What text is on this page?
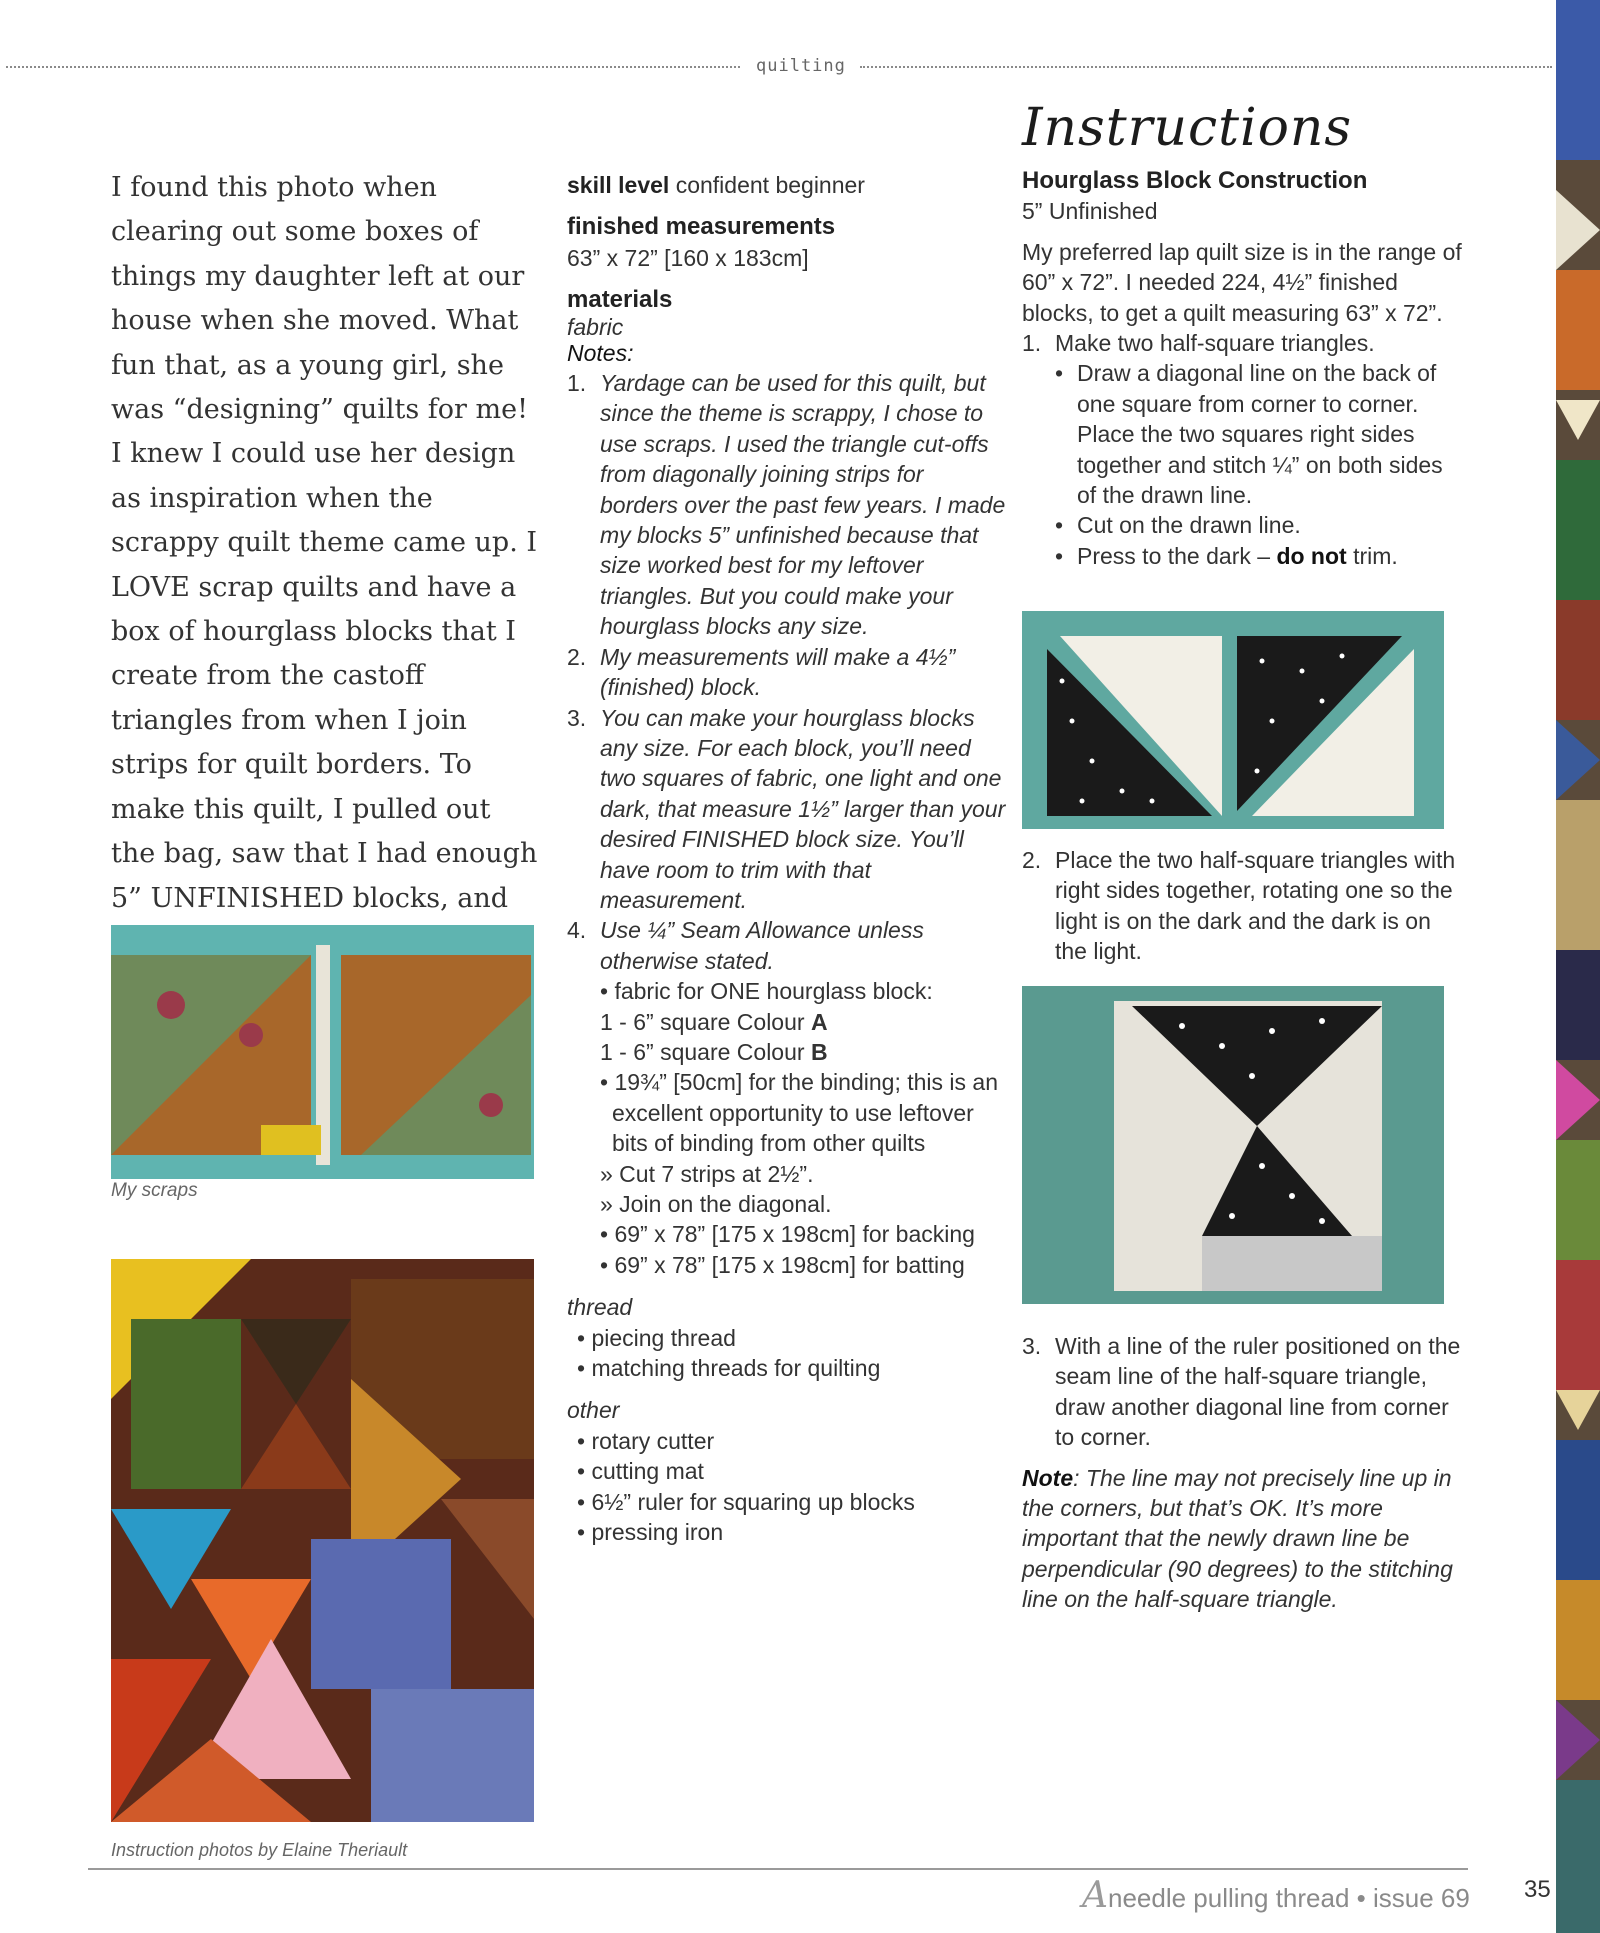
quilting
I found this photo when clearing out some boxes of things my daughter left at our house when she moved. What fun that, as a young girl, she was “designing” quilts for me! I knew I could use her design as inspiration when the scrappy quilt theme came up. I LOVE scrap quilts and have a box of hourglass blocks that I create from the castoff triangles from when I join strips for quilt borders. To make this quilt, I pulled out the bag, saw that I had enough 5” UNFINISHED blocks, and
My scraps
Instruction photos by Elaine Theriault
skill level confident beginner
finished measurements
63” x 72” [160 x 183cm]
materials
fabric
Notes:
1. Yardage can be used for this quilt, but since the theme is scrappy, I chose to use scraps. I used the triangle cut-offs from diagonally joining strips for borders over the past few years. I made my blocks 5” unfinished because that size worked best for my leftover triangles. But you could make your hourglass blocks any size.
2. My measurements will make a 4½” (finished) block.
3. You can make your hourglass blocks any size. For each block, you’ll need two squares of fabric, one light and one dark, that measure 1½” larger than your desired FINISHED block size. You’ll have room to trim with that measurement.
4. Use ¼” Seam Allowance unless otherwise stated.
• fabric for ONE hourglass block:
1 - 6” square Colour A
1 - 6” square Colour B
• 19¾” [50cm] for the binding; this is an excellent opportunity to use leftover bits of binding from other quilts
» Cut 7 strips at 2½”.
» Join on the diagonal.
• 69” x 78” [175 x 198cm] for backing
• 69” x 78” [175 x 198cm] for batting
thread
• piecing thread
• matching threads for quilting
other
• rotary cutter
• cutting mat
• 6½” ruler for squaring up blocks
• pressing iron
Instructions
Hourglass Block Construction
5” Unfinished
My preferred lap quilt size is in the range of 60” x 72”. I needed 224, 4½” finished blocks, to get a quilt measuring 63” x 72”.
1. Make two half-square triangles.
• Draw a diagonal line on the back of one square from corner to corner. Place the two squares right sides together and stitch ¼” on both sides of the drawn line.
• Cut on the drawn line.
• Press to the dark – do not trim.
2. Place the two half-square triangles with right sides together, rotating one so the light is on the dark and the dark is on the light.
3. With a line of the ruler positioned on the seam line of the half-square triangle, draw another diagonal line from corner to corner.
Note: The line may not precisely line up in the corners, but that’s OK. It’s more important that the newly drawn line be perpendicular (90 degrees) to the stitching line on the half-square triangle.
Aneedle pulling thread • issue 69 35
